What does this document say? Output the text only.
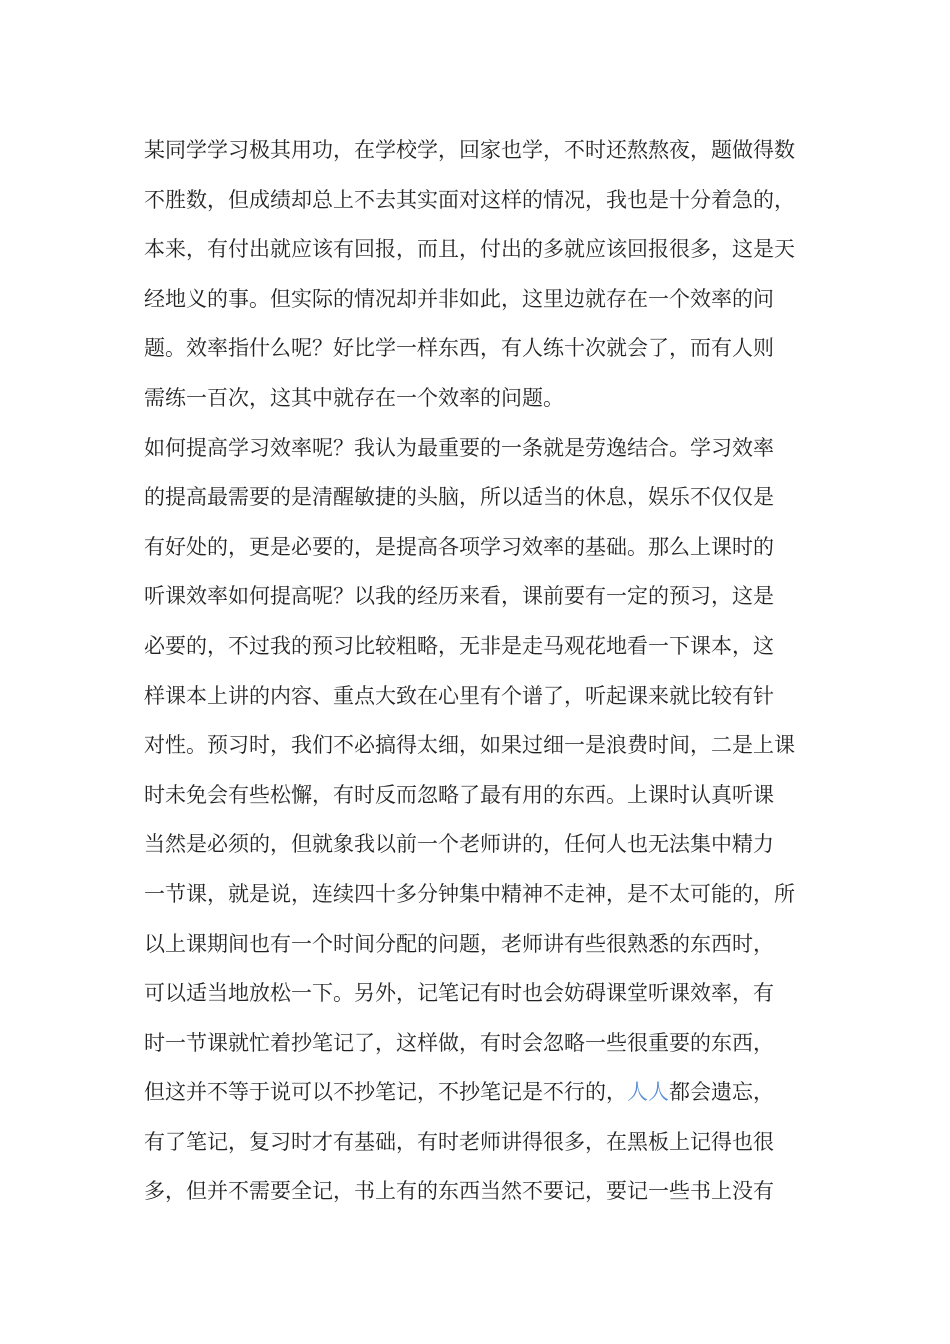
某同学学习极其用功，在学校学，回家也学，不时还熬熬夜，题做得数
不胜数，但成绩却总上不去其实面对这样的情况，我也是十分着急的，
本来，有付出就应该有回报，而且，付出的多就应该回报很多，这是天
经地义的事。但实际的情况却并非如此，这里边就存在一个效率的问
题。效率指什么呢？好比学一样东西，有人练十次就会了，而有人则
需练一百次，这其中就存在一个效率的问题。
如何提高学习效率呢？我认为最重要的一条就是劳逸结合。学习效率
的提高最需要的是清醒敏捷的头脑，所以适当的休息，娱乐不仅仅是
有好处的，更是必要的，是提高各项学习效率的基础。那么上课时的
听课效率如何提高呢？以我的经历来看，课前要有一定的预习，这是
必要的，不过我的预习比较粗略，无非是走马观花地看一下课本，这
样课本上讲的内容、重点大致在心里有个谱了，听起课来就比较有针
对性。预习时，我们不必搞得太细，如果过细一是浪费时间，二是上课
时未免会有些松懈，有时反而忽略了最有用的东西。上课时认真听课
当然是必须的，但就象我以前一个老师讲的，任何人也无法集中精力
一节课，就是说，连续四十多分钟集中精神不走神，是不太可能的，所
以上课期间也有一个时间分配的问题，老师讲有些很熟悉的东西时，
可以适当地放松一下。另外，记笔记有时也会妨碍课堂听课效率，有
时一节课就忙着抄笔记了，这样做，有时会忽略一些很重要的东西，
但这并不等于说可以不抄笔记，不抄笔记是不行的，人人都会遗忘，
有了笔记，复习时才有基础，有时老师讲得很多，在黑板上记得也很
多，但并不需要全记，书上有的东西当然不要记，要记一些书上没有
